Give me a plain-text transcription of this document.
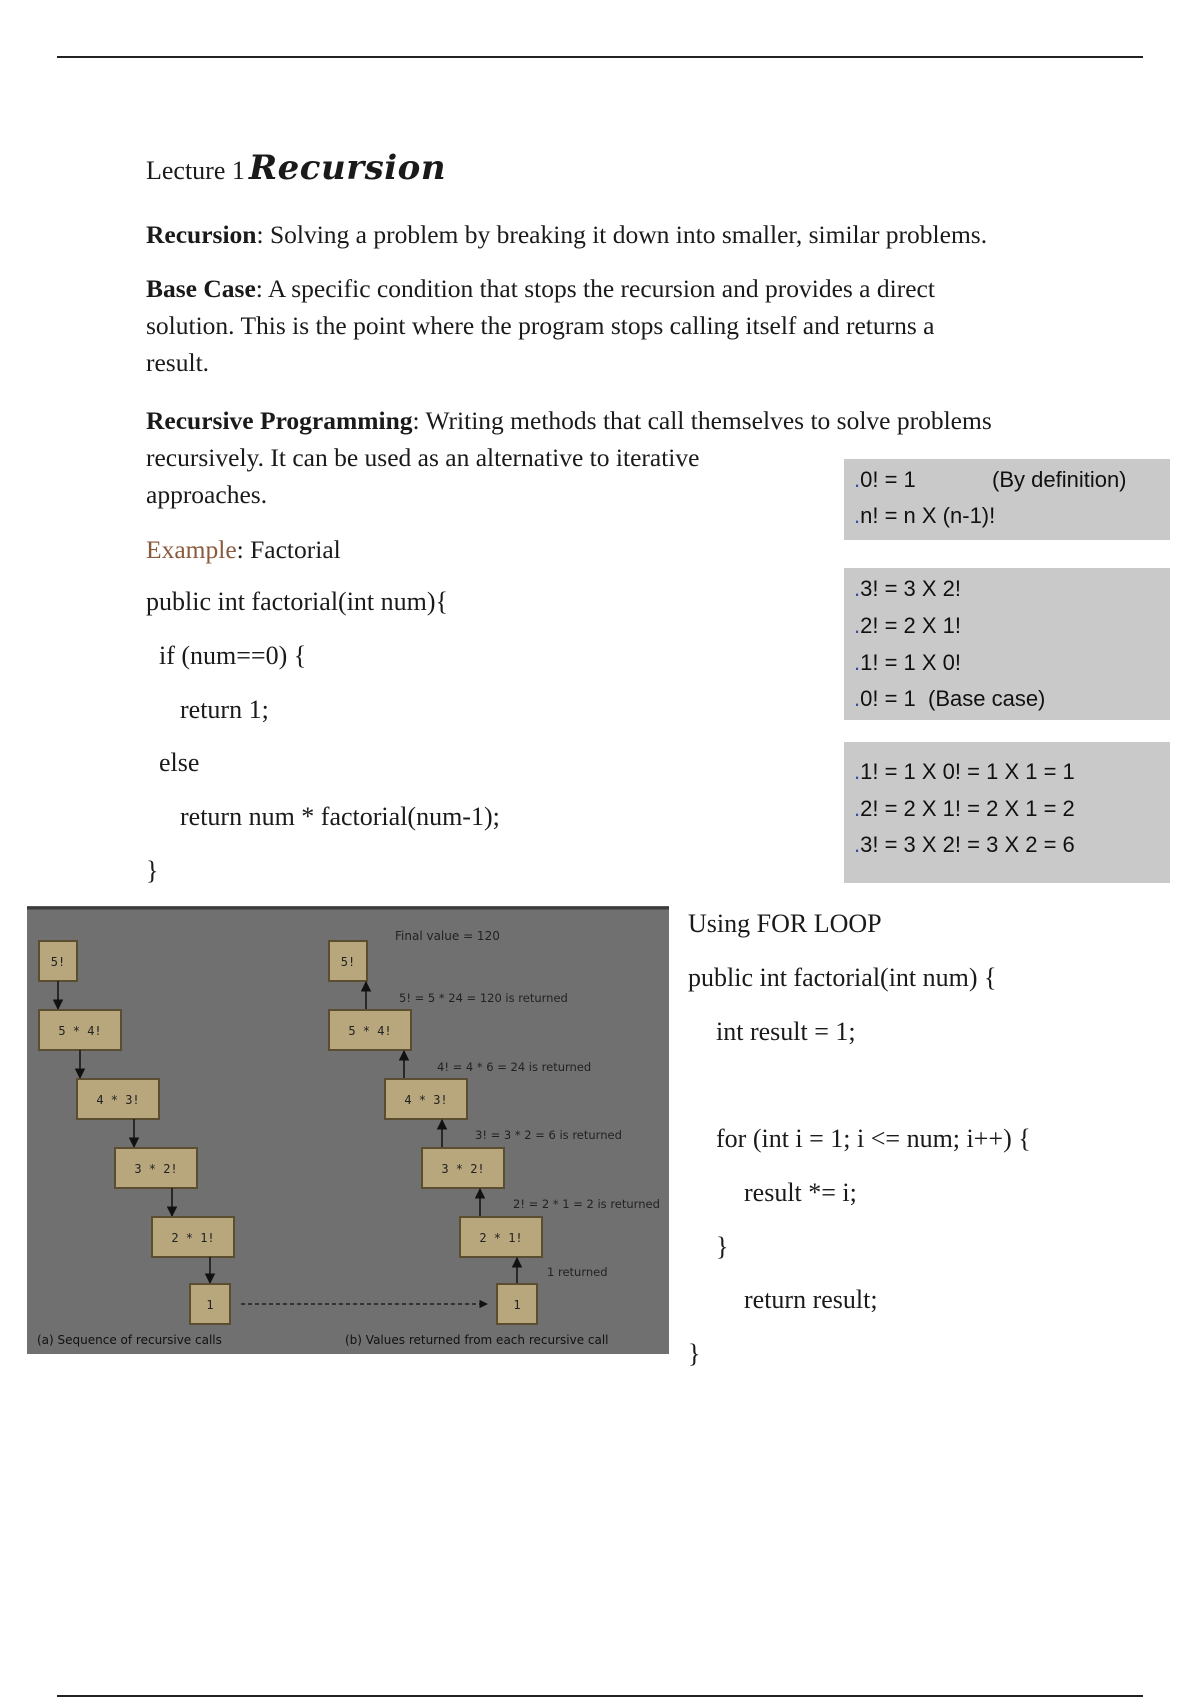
Lecture 1 Recursion
Recursion: Solving a problem by breaking it down into smaller, similar problems.
Base Case: A specific condition that stops the recursion and provides a direct
solution. This is the point where the program stops calling itself and returns a
result.
Recursive Programming: Writing methods that call themselves to solve problems
recursively. It can be used as an alternative to iterative
approaches.
Example: Factorial
public int factorial(int num){
if (num==0) {
return 1;
else
return num * factorial(num-1);
}
.0! = 1	(By definition)
.n! = n X (n-1)!
.3! = 3 X 2!
.2! = 2 X 1!
.1! = 1 X 0!
.0! = 1  (Base case)
.1! = 1 X 0! = 1 X 1 = 1
.2! = 2 X 1! = 2 X 1 = 2
.3! = 3 X 2! = 3 X 2 = 6
5!
5 * 4!
4 * 3!
3 * 2!
2 * 1!
1
Final value = 120
5!
5! = 5 * 24 = 120 is returned
5 * 4!
4! = 4 * 6 = 24 is returned
4 * 3!
3! = 3 * 2 = 6 is returned
3 * 2!
2! = 2 * 1 = 2 is returned
2 * 1!
1 returned
1
(a) Sequence of recursive calls	(b) Values returned from each recursive call
Using FOR LOOP
public int factorial(int num) {
int result = 1;
for (int i = 1; i <= num; i++) {
result *= i;
}
return result;
}
